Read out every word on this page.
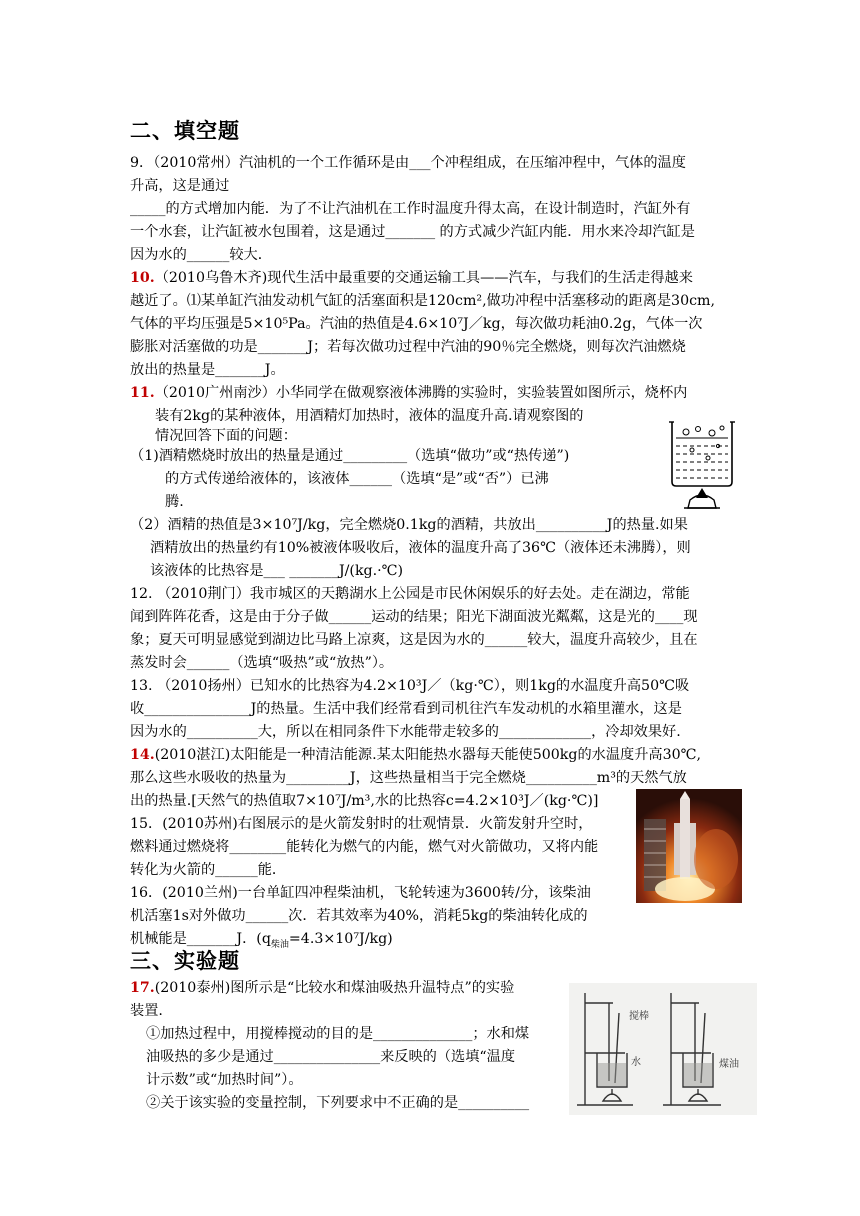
二、填空题
9．（2010常州）汽油机的一个工作循环是由___个冲程组成，在压缩冲程中，气体的温度
升高，这是通过
_____的方式增加内能．为了不让汽油机在工作时温度升得太高，在设计制造时，汽缸外有
一个水套，让汽缸被水包围着，这是通过_______ 的方式减少汽缸内能．用水来冷却汽缸是
因为水的______较大．
10.（2010乌鲁木齐)现代生活中最重要的交通运输工具——汽车，与我们的生活走得越来
越近了。⑴某单缸汽油发动机气缸的活塞面积是120cm²,做功冲程中活塞移动的距离是30cm,
气体的平均压强是5×10⁵Pa。汽油的热值是4.6×10⁷J／kg，每次做功耗油0.2g，气体一次
膨胀对活塞做的功是_______J；若每次做功过程中汽油的90％完全燃烧，则每次汽油燃烧
放出的热量是_______J。
11.（2010广州南沙）小华同学在做观察液体沸腾的实验时，实验装置如图所示，烧杯内
装有2kg的某种液体，用酒精灯加热时，液体的温度升高.请观察图的
情况回答下面的问题：
（1)酒精燃烧时放出的热量是通过_________（选填“做功”或“热传递”)
的方式传递给液体的，该液体______（选填“是”或“否”）已沸
腾.
（2）酒精的热值是3×10⁷J/kg，完全燃烧0.1kg的酒精，共放出__________J的热量.如果
酒精放出的热量约有10%被液体吸收后，液体的温度升高了36℃（液体还未沸腾），则
该液体的比热容是___ _______J/(kg.·℃)
12. （2010荆门）我市城区的天鹅湖水上公园是市民休闲娱乐的好去处。走在湖边，常能
闻到阵阵花香，这是由于分子做______运动的结果；阳光下湖面波光粼粼，这是光的____现
象；夏天可明显感觉到湖边比马路上凉爽，这是因为水的______较大，温度升高较少，且在
蒸发时会______（选填“吸热”或“放热”）。
13. （2010扬州）已知水的比热容为4.2×10³J／（kg·℃），则1kg的水温度升高50℃吸
收_______________J的热量。生活中我们经常看到司机往汽车发动机的水箱里灌水，这是
因为水的__________大，所以在相同条件下水能带走较多的_____________，冷却效果好.
14.(2010湛江)太阳能是一种清洁能源.某太阳能热水器每天能使500kg的水温度升高30℃,
那么这些水吸收的热量为_________J，这些热量相当于完全燃烧__________m³的天然气放
出的热量.[天然气的热值取7×10⁷J/m³,水的比热容c=4.2×10³J／(kg·℃)]
15．(2010苏州)右图展示的是火箭发射时的壮观情景．火箭发射升空时，
燃料通过燃烧将________能转化为燃气的内能，燃气对火箭做功，又将内能
转化为火箭的______能．
16．(2010兰州)一台单缸四冲程柴油机，飞轮转速为3600转/分，该柴油
机活塞1s对外做功______次．若其效率为40%，消耗5kg的柴油转化成的
机械能是_______J．$(q_{柴油}=4.3\times 10^7J/kg)$
三、实验题
17.(2010泰州)图所示是“比较水和煤油吸热升温特点”的实验
装置.
①加热过程中，用搅棒搅动的目的是______________；水和煤
油吸热的多少是通过_______________来反映的（选填“温度
计示数”或“加热时间”）。
②关于该实验的变量控制，下列要求中不正确的是__________
搅棒
水	煤油
